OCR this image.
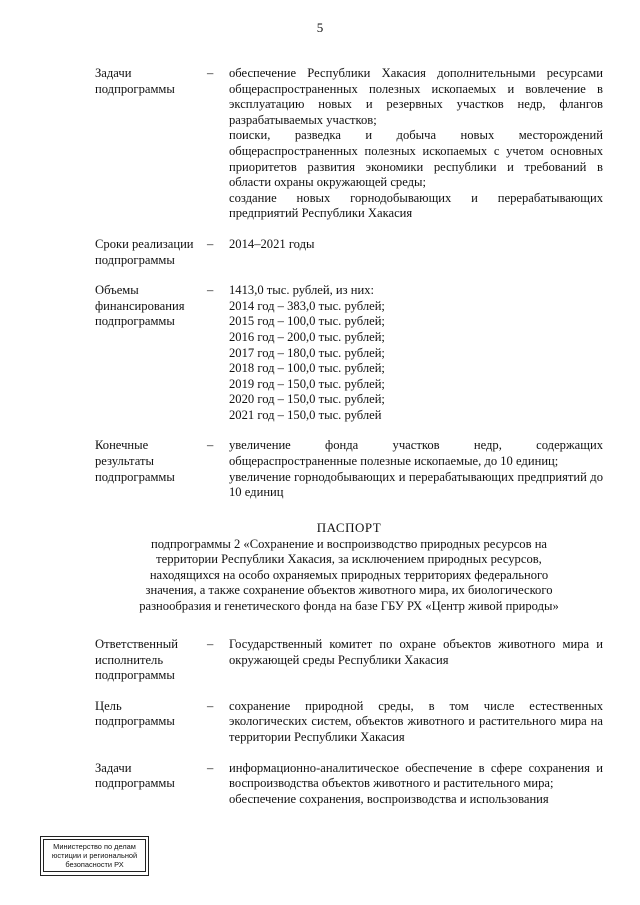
5
Задачи
подпрограммы
–	обеспечение Республики Хакасия дополнительными ресурсами общераспространенных полезных ископаемых и вовлечение в эксплуатацию новых и резервных участков недр, флангов разрабатываемых участков;
поиски, разведка и добыча новых месторождений общераспространенных полезных ископаемых с учетом основных приоритетов развития экономики республики и требований в области охраны окружающей среды;
создание новых горнодобывающих и перерабатывающих предприятий Республики Хакасия
Сроки реализации
подпрограммы
–	2014–2021 годы
Объемы
финансирования
подпрограммы
–	1413,0 тыс. рублей, из них:
2014 год – 383,0 тыс. рублей;
2015 год – 100,0 тыс. рублей;
2016 год – 200,0 тыс. рублей;
2017 год – 180,0 тыс. рублей;
2018 год – 100,0 тыс. рублей;
2019 год – 150,0 тыс. рублей;
2020 год – 150,0 тыс. рублей;
2021 год – 150,0 тыс. рублей
Конечные
результаты
подпрограммы
–	увеличение фонда участков недр, содержащих общераспространенные полезные ископаемые, до 10 единиц;
увеличение горнодобывающих и перерабатывающих предприятий до 10 единиц
ПАСПОРТ
подпрограммы 2 «Сохранение и воспроизводство природных ресурсов на
территории Республики Хакасия, за исключением природных ресурсов,
находящихся на особо охраняемых природных территориях федерального
значения, а также сохранение объектов животного мира, их биологического
разнообразия и генетического фонда на базе ГБУ РХ «Центр живой природы»
Ответственный
исполнитель
подпрограммы
–	Государственный комитет по охране объектов животного мира и окружающей среды Республики Хакасия
Цель
подпрограммы
–	сохранение природной среды, в том числе естественных экологических систем, объектов животного и растительного мира на территории Республики Хакасия
Задачи
подпрограммы
–	информационно-аналитическое обеспечение в сфере сохранения и воспроизводства объектов животного и растительного мира;
обеспечение сохранения, воспроизводства и использования
Министерство по делам
юстиции и региональной
безопасности РХ
